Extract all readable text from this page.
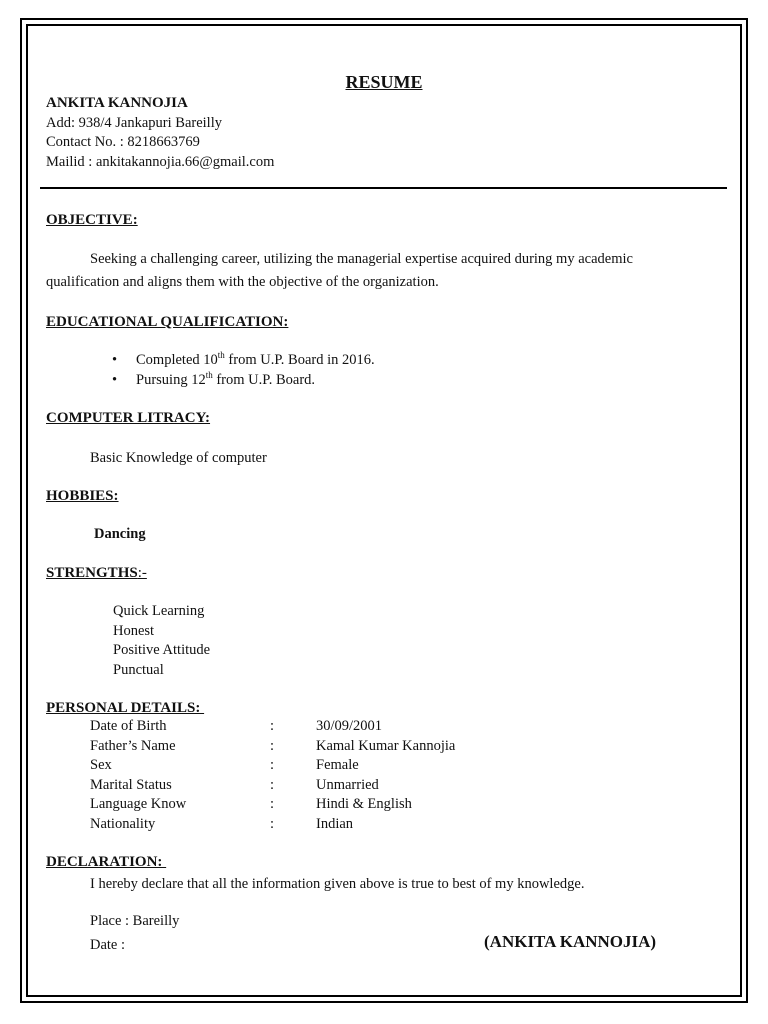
RESUME
ANKITA KANNOJIA
Add: 938/4 Jankapuri Bareilly
Contact No. : 8218663769
Mailid : ankitakannojia.66@gmail.com
OBJECTIVE:
Seeking a challenging career, utilizing the managerial expertise acquired during my academic
qualification and aligns them with the objective of the organization.
EDUCATIONAL QUALIFICATION:
• Completed 10th from U.P. Board in 2016.
• Pursuing 12th from U.P. Board.
COMPUTER LITRACY:
Basic Knowledge of computer
HOBBIES:
Dancing
STRENGTHS:-
Quick Learning
Honest
Positive Attitude
Punctual
PERSONAL DETAILS:
Date of Birth	:	30/09/2001
Father’s Name	:	Kamal Kumar Kannojia
Sex	:	Female
Marital Status	:	Unmarried
Language Know	:	Hindi & English
Nationality	:	Indian
DECLARATION:
I hereby declare that all the information given above is true to best of my knowledge.
Place : Bareilly
Date :	(ANKITA KANNOJIA)
